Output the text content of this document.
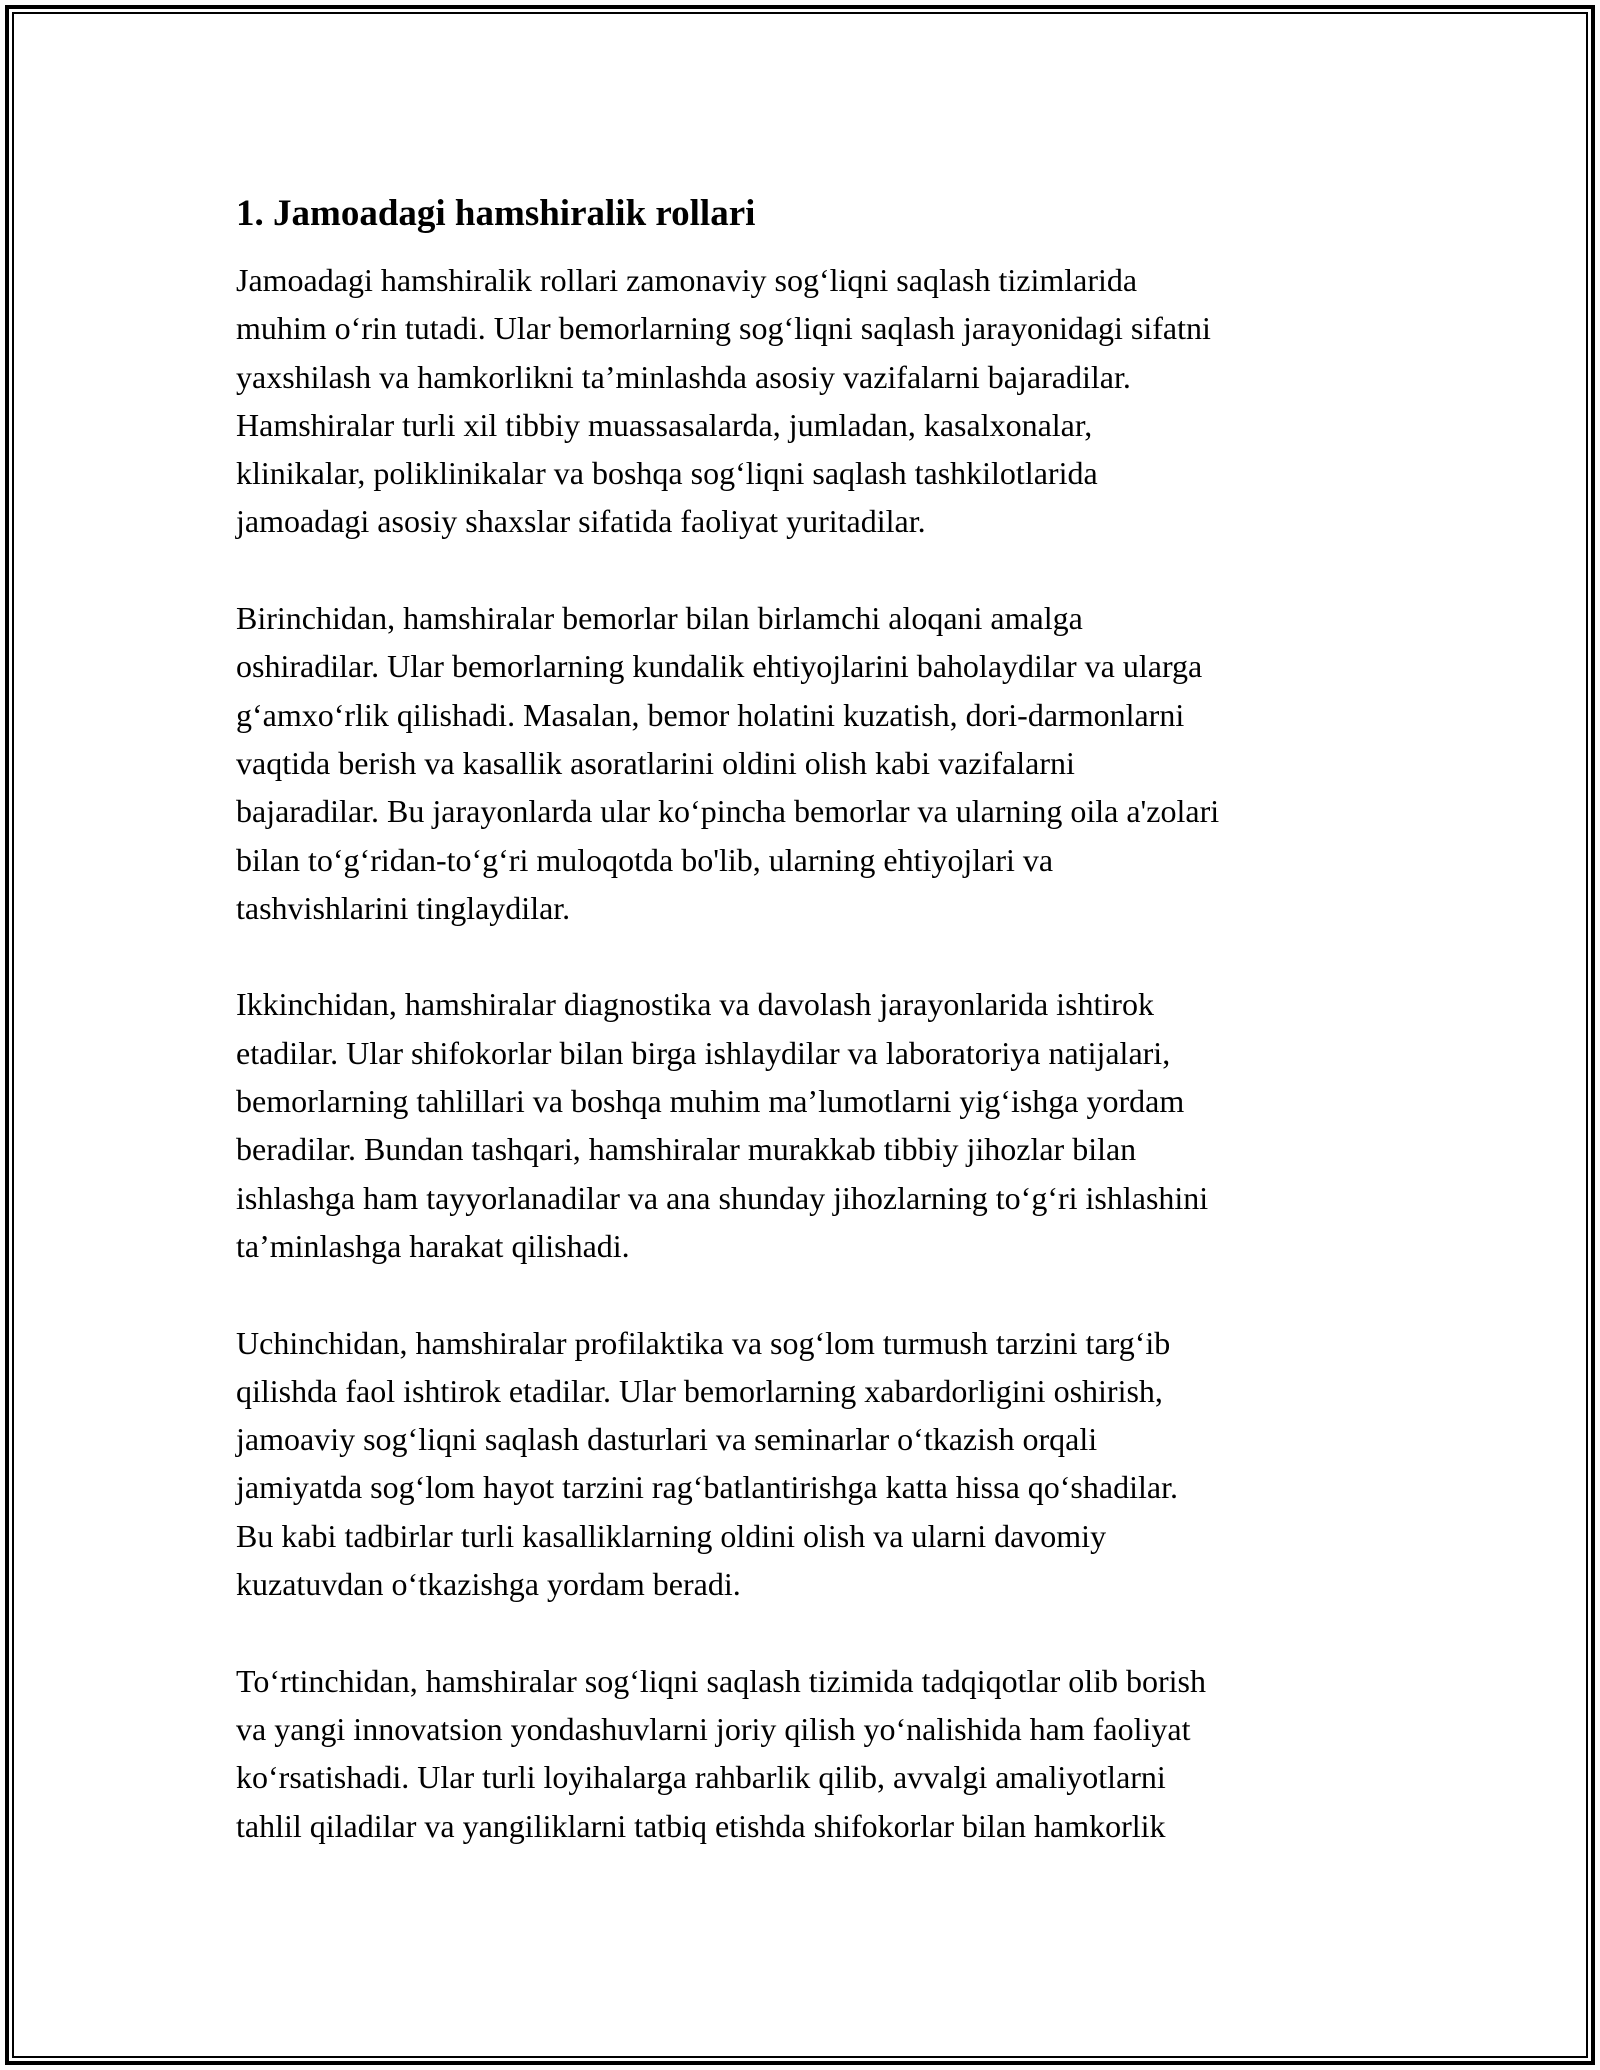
1. Jamoadagi hamshiralik rollari

Jamoadagi hamshiralik rollari zamonaviy sog‘liqni saqlash tizimlarida
muhim o‘rin tutadi. Ular bemorlarning sog‘liqni saqlash jarayonidagi sifatni
yaxshilash va hamkorlikni ta’minlashda asosiy vazifalarni bajaradilar.
Hamshiralar turli xil tibbiy muassasalarda, jumladan, kasalxonalar,
klinikalar, poliklinikalar va boshqa sog‘liqni saqlash tashkilotlarida
jamoadagi asosiy shaxslar sifatida faoliyat yuritadilar.

Birinchidan, hamshiralar bemorlar bilan birlamchi aloqani amalga
oshiradilar. Ular bemorlarning kundalik ehtiyojlarini baholaydilar va ularga
g‘amxo‘rlik qilishadi. Masalan, bemor holatini kuzatish, dori-darmonlarni
vaqtida berish va kasallik asoratlarini oldini olish kabi vazifalarni
bajaradilar. Bu jarayonlarda ular ko‘pincha bemorlar va ularning oila a'zolari
bilan to‘g‘ridan-to‘g‘ri muloqotda bo'lib, ularning ehtiyojlari va
tashvishlarini tinglaydilar.

Ikkinchidan, hamshiralar diagnostika va davolash jarayonlarida ishtirok
etadilar. Ular shifokorlar bilan birga ishlaydilar va laboratoriya natijalari,
bemorlarning tahlillari va boshqa muhim ma’lumotlarni yig‘ishga yordam
beradilar. Bundan tashqari, hamshiralar murakkab tibbiy jihozlar bilan
ishlashga ham tayyorlanadilar va ana shunday jihozlarning to‘g‘ri ishlashini
ta’minlashga harakat qilishadi.

Uchinchidan, hamshiralar profilaktika va sog‘lom turmush tarzini targ‘ib
qilishda faol ishtirok etadilar. Ular bemorlarning xabardorligini oshirish,
jamoaviy sog‘liqni saqlash dasturlari va seminarlar o‘tkazish orqali
jamiyatda sog‘lom hayot tarzini rag‘batlantirishga katta hissa qo‘shadilar.
Bu kabi tadbirlar turli kasalliklarning oldini olish va ularni davomiy
kuzatuvdan o‘tkazishga yordam beradi.

To‘rtinchidan, hamshiralar sog‘liqni saqlash tizimida tadqiqotlar olib borish
va yangi innovatsion yondashuvlarni joriy qilish yo‘nalishida ham faoliyat
ko‘rsatishadi. Ular turli loyihalarga rahbarlik qilib, avvalgi amaliyotlarni
tahlil qiladilar va yangiliklarni tatbiq etishda shifokorlar bilan hamkorlik
